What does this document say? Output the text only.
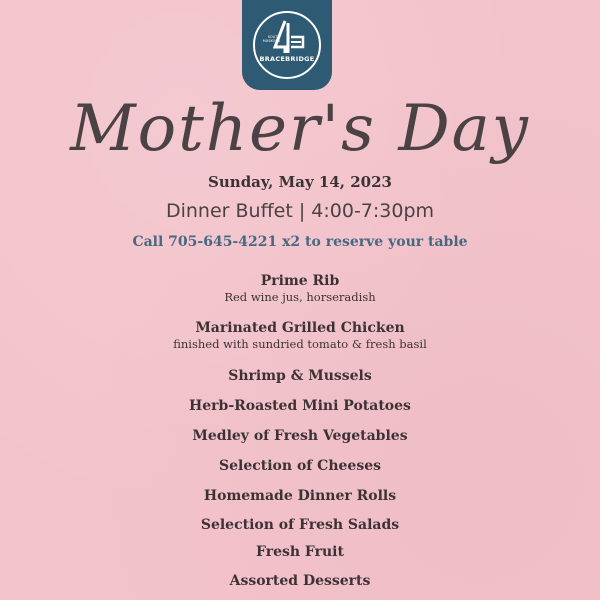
SOUTH MUSKOKA
BRACEBRIDGE
Mother's Day
Sunday, May 14, 2023
Dinner Buffet | 4:00-7:30pm
Call 705-645-4221 x2 to reserve your table
Prime Rib
Red wine jus, horseradish
Marinated Grilled Chicken
finished with sundried tomato & fresh basil
Shrimp & Mussels
Herb-Roasted Mini Potatoes
Medley of Fresh Vegetables
Selection of Cheeses
Homemade Dinner Rolls
Selection of Fresh Salads
Fresh Fruit
Assorted Desserts
